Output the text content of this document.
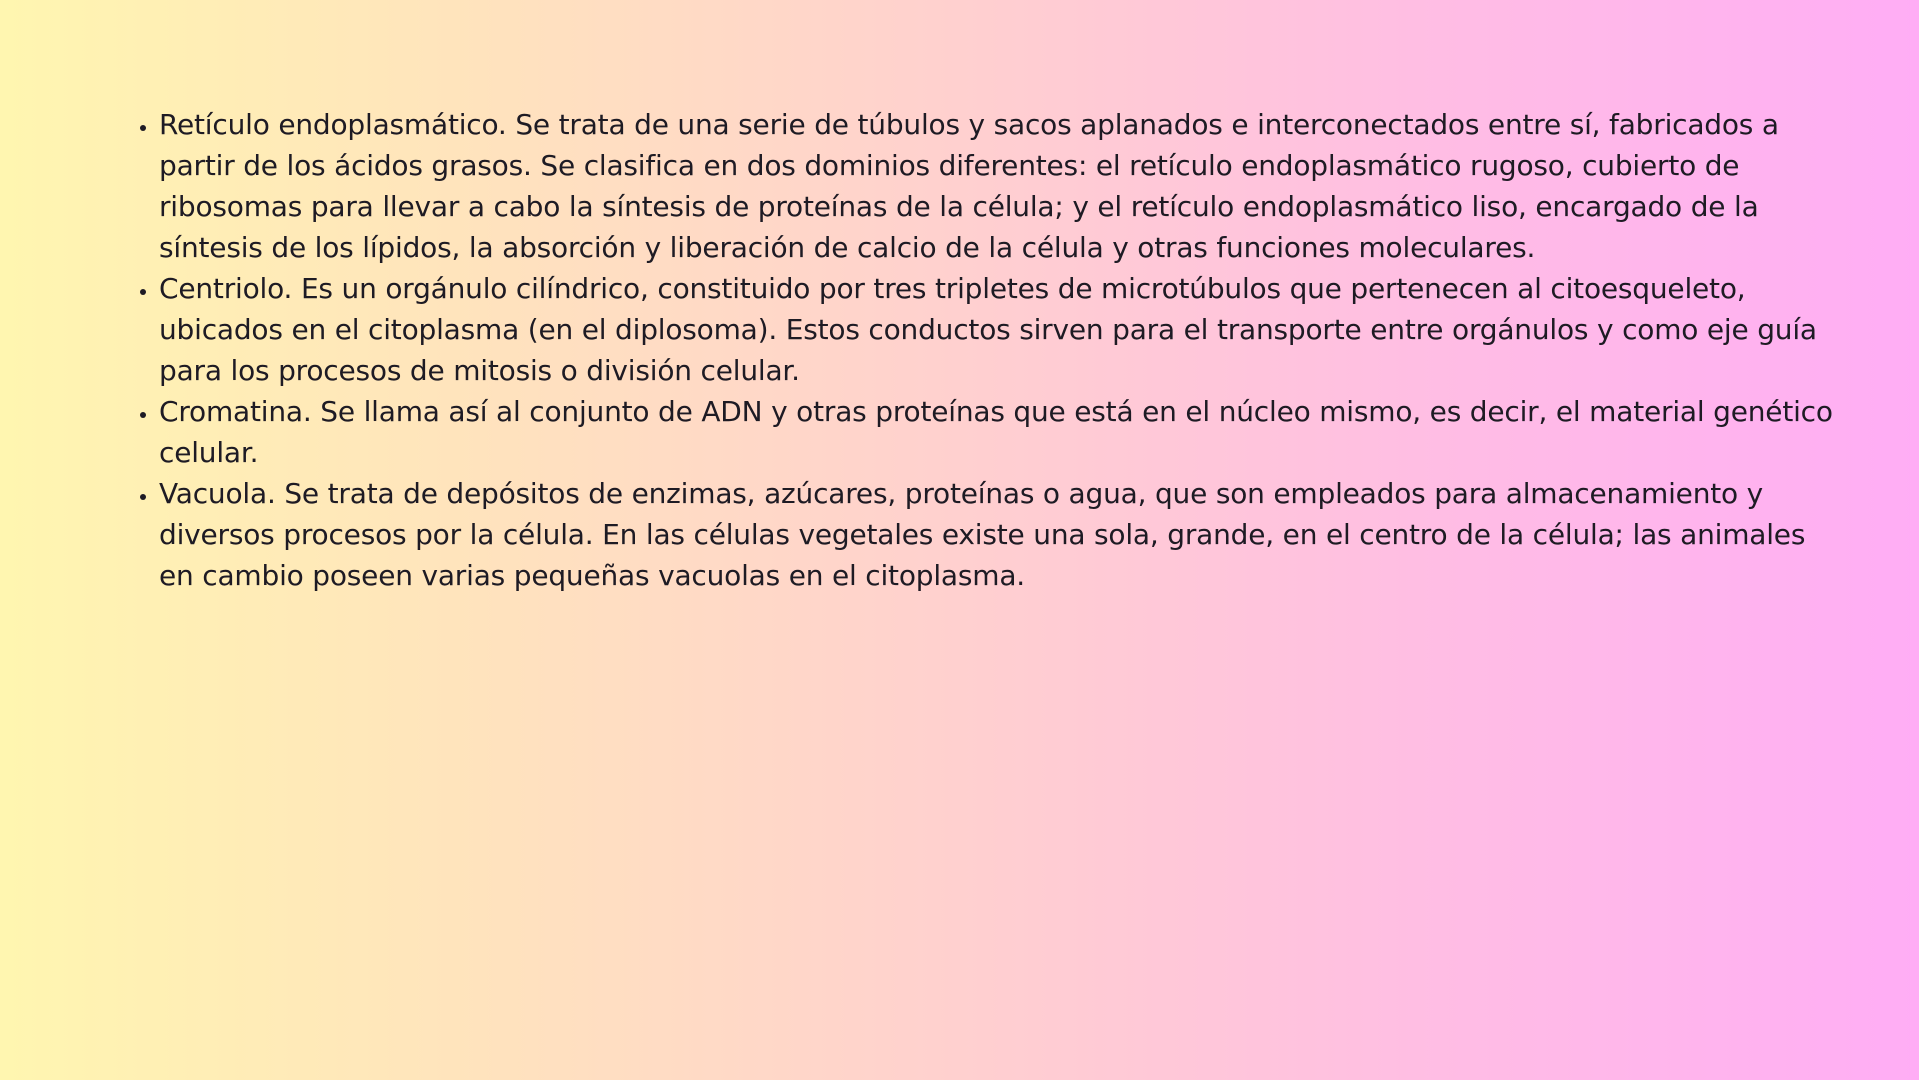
• Retículo endoplasmático. Se trata de una serie de túbulos y sacos aplanados e interconectados entre sí, fabricados a partir de los ácidos grasos. Se clasifica en dos dominios diferentes: el retículo endoplasmático rugoso, cubierto de ribosomas para llevar a cabo la síntesis de proteínas de la célula; y el retículo endoplasmático liso, encargado de la síntesis de los lípidos, la absorción y liberación de calcio de la célula y otras funciones moleculares.
• Centriolo. Es un orgánulo cilíndrico, constituido por tres tripletes de microtúbulos que pertenecen al citoesqueleto, ubicados en el citoplasma (en el diplosoma). Estos conductos sirven para el transporte entre orgánulos y como eje guía para los procesos de mitosis o división celular.
• Cromatina. Se llama así al conjunto de ADN y otras proteínas que está en el núcleo mismo, es decir, el material genético celular.
• Vacuola. Se trata de depósitos de enzimas, azúcares, proteínas o agua, que son empleados para almacenamiento y diversos procesos por la célula. En las células vegetales existe una sola, grande, en el centro de la célula; las animales en cambio poseen varias pequeñas vacuolas en el citoplasma.
